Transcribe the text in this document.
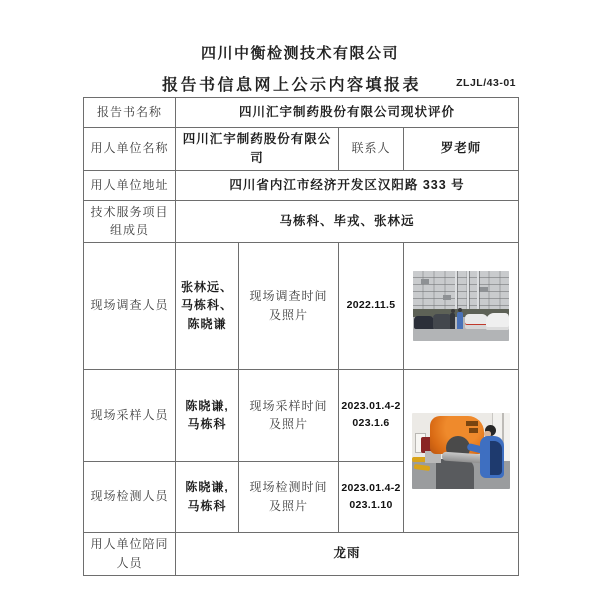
四川中衡检测技术有限公司
报告书信息网上公示内容填报表	ZLJL/43-01
报告书名称	四川汇宇制药股份有限公司现状评价			
用人单位名称	四川汇宇制药股份有限公司		联系人	罗老师
用人单位地址	四川省内江市经济开发区汉阳路 333 号			
技术服务项目组成员	马栋科、毕戎、张林远			
现场调查人员	张林远、马栋科、陈晓谦	现场调查时间及照片	2022.11.5	

现场采样人员	陈晓谦,马栋科	现场采样时间及照片	2023.01.4-2023.1.6	

现场检测人员	陈晓谦,马栋科	现场检测时间及照片	2023.01.4-2023.1.10	
用人单位陪同人员	龙雨			
